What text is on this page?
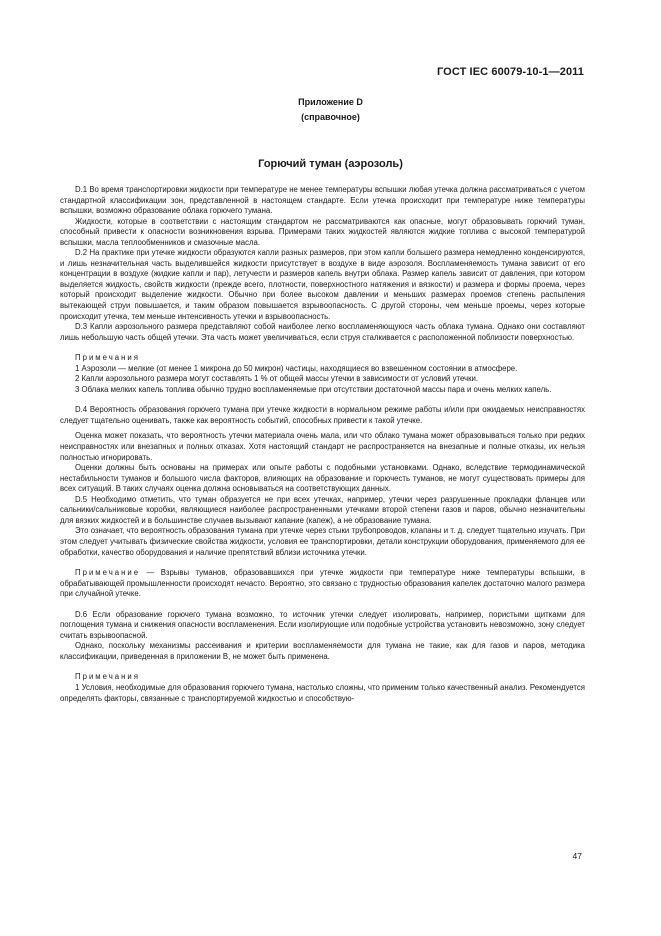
ГОСТ IEC 60079-10-1—2011
Приложение D
(справочное)
Горючий туман (аэрозоль)

D.1 Во время транспортировки жидкости при температуре не менее температуры вспышки любая утечка должна рассматриваться с учетом стандартной классификации зон, представленной в настоящем стандарте. Если утечка происходит при температуре ниже температуры вспышки, возможно образование облака горючего тумана.

Жидкости, которые в соответствии с настоящим стандартом не рассматриваются как опасные, могут образовывать горючий туман, способный привести к опасности возникновения взрыва. Примерами таких жидкостей являются жидкие топлива с высокой температурой вспышки, масла теплообменников и смазочные масла.

D.2 На практике при утечке жидкости образуются капли разных размеров, при этом капли большего размера немедленно конденсируются, и лишь незначительная часть выделившейся жидкости присутствует в воздухе в виде аэрозоля. Воспламеняемость тумана зависит от его концентрации в воздухе (жидкие капли и пар), летучести и размеров капель внутри облака. Размер капель зависит от давления, при котором выделяется жидкость, свойств жидкости (прежде всего, плотности, поверхностного натяжения и вязкости) и размера и формы проема, через который происходит выделение жидкости. Обычно при более высоком давлении и меньших размерах проемов степень распыления вытекающей струи повышается, и таким образом повышается взрывоопасность. С другой стороны, чем меньше проемы, через которые происходит утечка, тем меньше интенсивность утечки и взрывоопасность.

D.3 Капли аэрозольного размера представляют собой наиболее легко воспламеняющуюся часть облака тумана. Однако они составляют лишь небольшую часть общей утечки. Эта часть может увеличиваться, если струя сталкивается с расположенной поблизости поверхностью.

Примечания

1 Аэрозоли — мелкие (от менее 1 микрона до 50 микрон) частицы, находящиеся во взвешенном состоянии в атмосфере.

2 Капли аэрозольного размера могут составлять 1 % от общей массы утечки в зависимости от условий утечки.

3 Облака мелких капель топлива обычно трудно воспламеняемые при отсутствии достаточной массы пара и очень мелких капель.

D.4 Вероятность образования горючего тумана при утечке жидкости в нормальном режиме работы и/или при ожидаемых неисправностях следует тщательно оценивать, также как вероятность событий, способных привести к такой утечке.

Оценка может показать, что вероятность утечки материала очень мала, или что облако тумана может образовываться только при редких неисправностях или внезапных и полных отказах. Хотя настоящий стандарт не распространяется на внезапные и полные отказы, их нельзя полностью игнорировать.

Оценки должны быть основаны на примерах или опыте работы с подобными установками. Однако, вследствие термодинамической нестабильности туманов и большого числа факторов, влияющих на образование и горючесть туманов, не могут существовать примеры для всех ситуаций. В таких случаях оценка должна основываться на соответствующих данных.

D.5 Необходимо отметить, что туман образуется не при всех утечках, например, утечки через разрушенные прокладки фланцев или сальники/сальниковые коробки, являющиеся наиболее распространенными утечками второй степени газов и паров, обычно незначительны для вязких жидкостей и в большинстве случаев вызывают капание (капеж), а не образование тумана.

Это означает, что вероятность образования тумана при утечке через стыки трубопроводов, клапаны и т. д. следует тщательно изучать. При этом следует учитывать физические свойства жидкости, условия ее транспортировки, детали конструкции оборудования, применяемого для ее обработки, качество оборудования и наличие препятствий вблизи источника утечки.

Примечание — Взрывы туманов, образовавшихся при утечке жидкости при температуре ниже температуры вспышки, в обрабатывающей промышленности происходят нечасто. Вероятно, это связано с трудностью образования капелек достаточно малого размера при случайной утечке.

D.6 Если образование горючего тумана возможно, то источник утечки следует изолировать, например, пористыми щитками для поглощения тумана и снижения опасности воспламенения. Если изолирующие или подобные устройства установить невозможно, зону следует считать взрывоопасной.

Однако, поскольку механизмы рассеивания и критерии воспламеняемости для тумана не такие, как для газов и паров, методика классификации, приведенная в приложении В, не может быть применена.

Примечания

1 Условия, необходимые для образования горючего тумана, настолько сложны, что применим только качественный анализ. Рекомендуется определять факторы, связанные с транспортируемой жидкостью и способствую-

47
